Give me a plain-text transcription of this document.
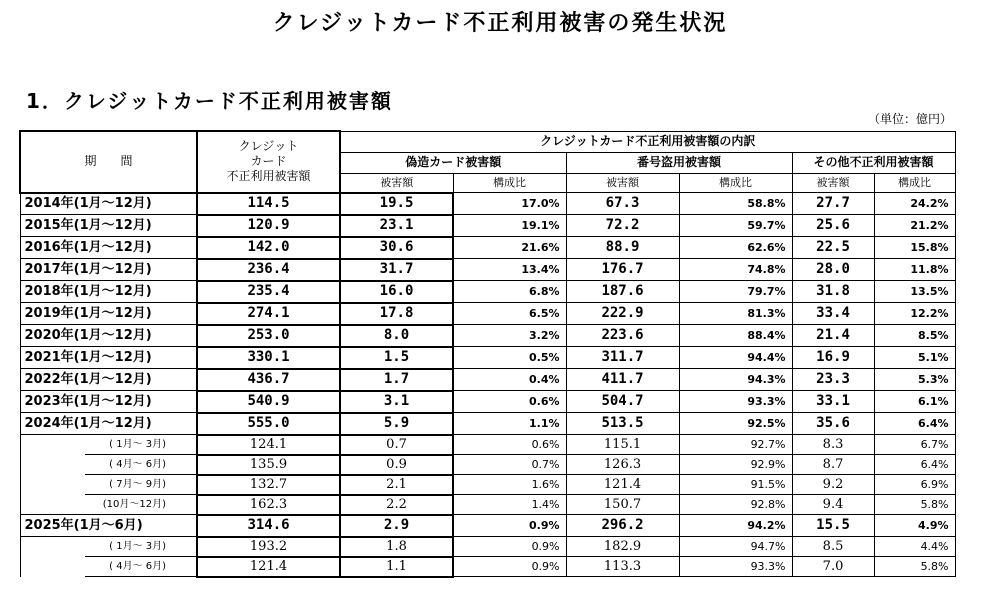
クレジットカード不正利用被害の発生状況
1．クレジットカード不正利用被害額
（単位：億円）
期　　間		クレジット
カード
不正利用被害額	クレジットカード不正利用被害額の内訳					
			偽造カード被害額		番号盗用被害額		その他不正利用被害額	
			被害額	構成比	被害額	構成比	被害額	構成比
2014年(1月～12月)		114.5	19.5	17.0%	67.3	58.8%	27.7	24.2%
2015年(1月～12月)		120.9	23.1	19.1%	72.2	59.7%	25.6	21.2%
2016年(1月～12月)		142.0	30.6	21.6%	88.9	62.6%	22.5	15.8%
2017年(1月～12月)		236.4	31.7	13.4%	176.7	74.8%	28.0	11.8%
2018年(1月～12月)		235.4	16.0	6.8%	187.6	79.7%	31.8	13.5%
2019年(1月～12月)		274.1	17.8	6.5%	222.9	81.3%	33.4	12.2%
2020年(1月～12月)		253.0	8.0	3.2%	223.6	88.4%	21.4	8.5%
2021年(1月～12月)		330.1	1.5	0.5%	311.7	94.4%	16.9	5.1%
2022年(1月～12月)		436.7	1.7	0.4%	411.7	94.3%	23.3	5.3%
2023年(1月～12月)		540.9	3.1	0.6%	504.7	93.3%	33.1	6.1%
2024年(1月～12月)		555.0	5.9	1.1%	513.5	92.5%	35.6	6.4%
	( 1月～ 3月)	124.1	0.7	0.6%	115.1	92.7%	8.3	6.7%
	( 4月～ 6月)	135.9	0.9	0.7%	126.3	92.9%	8.7	6.4%
	( 7月～ 9月)	132.7	2.1	1.6%	121.4	91.5%	9.2	6.9%
	(10月～12月)	162.3	2.2	1.4%	150.7	92.8%	9.4	5.8%
2025年(1月～6月)		314.6	2.9	0.9%	296.2	94.2%	15.5	4.9%
	( 1月～ 3月)	193.2	1.8	0.9%	182.9	94.7%	8.5	4.4%
	( 4月～ 6月)	121.4	1.1	0.9%	113.3	93.3%	7.0	5.8%
